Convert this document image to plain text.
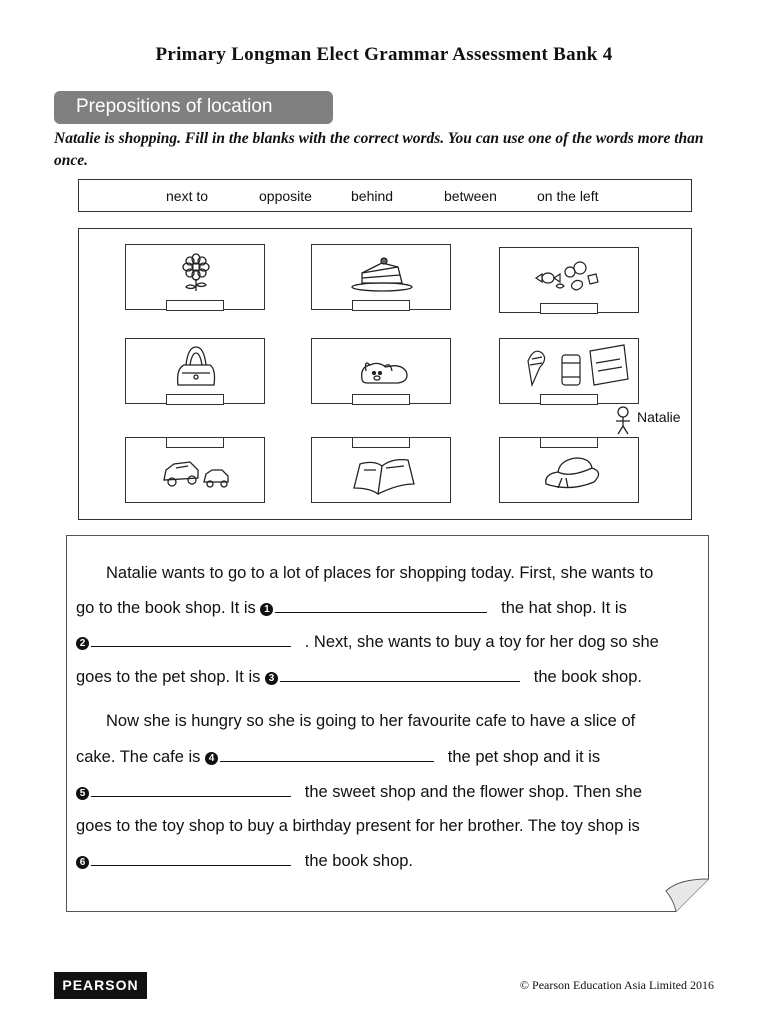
Primary Longman Elect Grammar Assessment Bank 4
Prepositions of location
Natalie is shopping. Fill in the blanks with the correct words. You can use one of the words more than once.
next to	opposite	behind	between	on the left
Natalie
Natalie wants to go to a lot of places for shopping today. First, she wants to
go to the book shop. It is 1	the hat shop. It is
2	. Next, she wants to buy a toy for her dog so she
goes to the pet shop. It is 3	the book shop.
Now she is hungry so she is going to her favourite cafe to have a slice of
cake. The cafe is 4	the pet shop and it is
5	the sweet shop and the flower shop. Then she
goes to the toy shop to buy a birthday present for her brother. The toy shop is
6	the book shop.
PEARSON	© Pearson Education Asia Limited 2016
